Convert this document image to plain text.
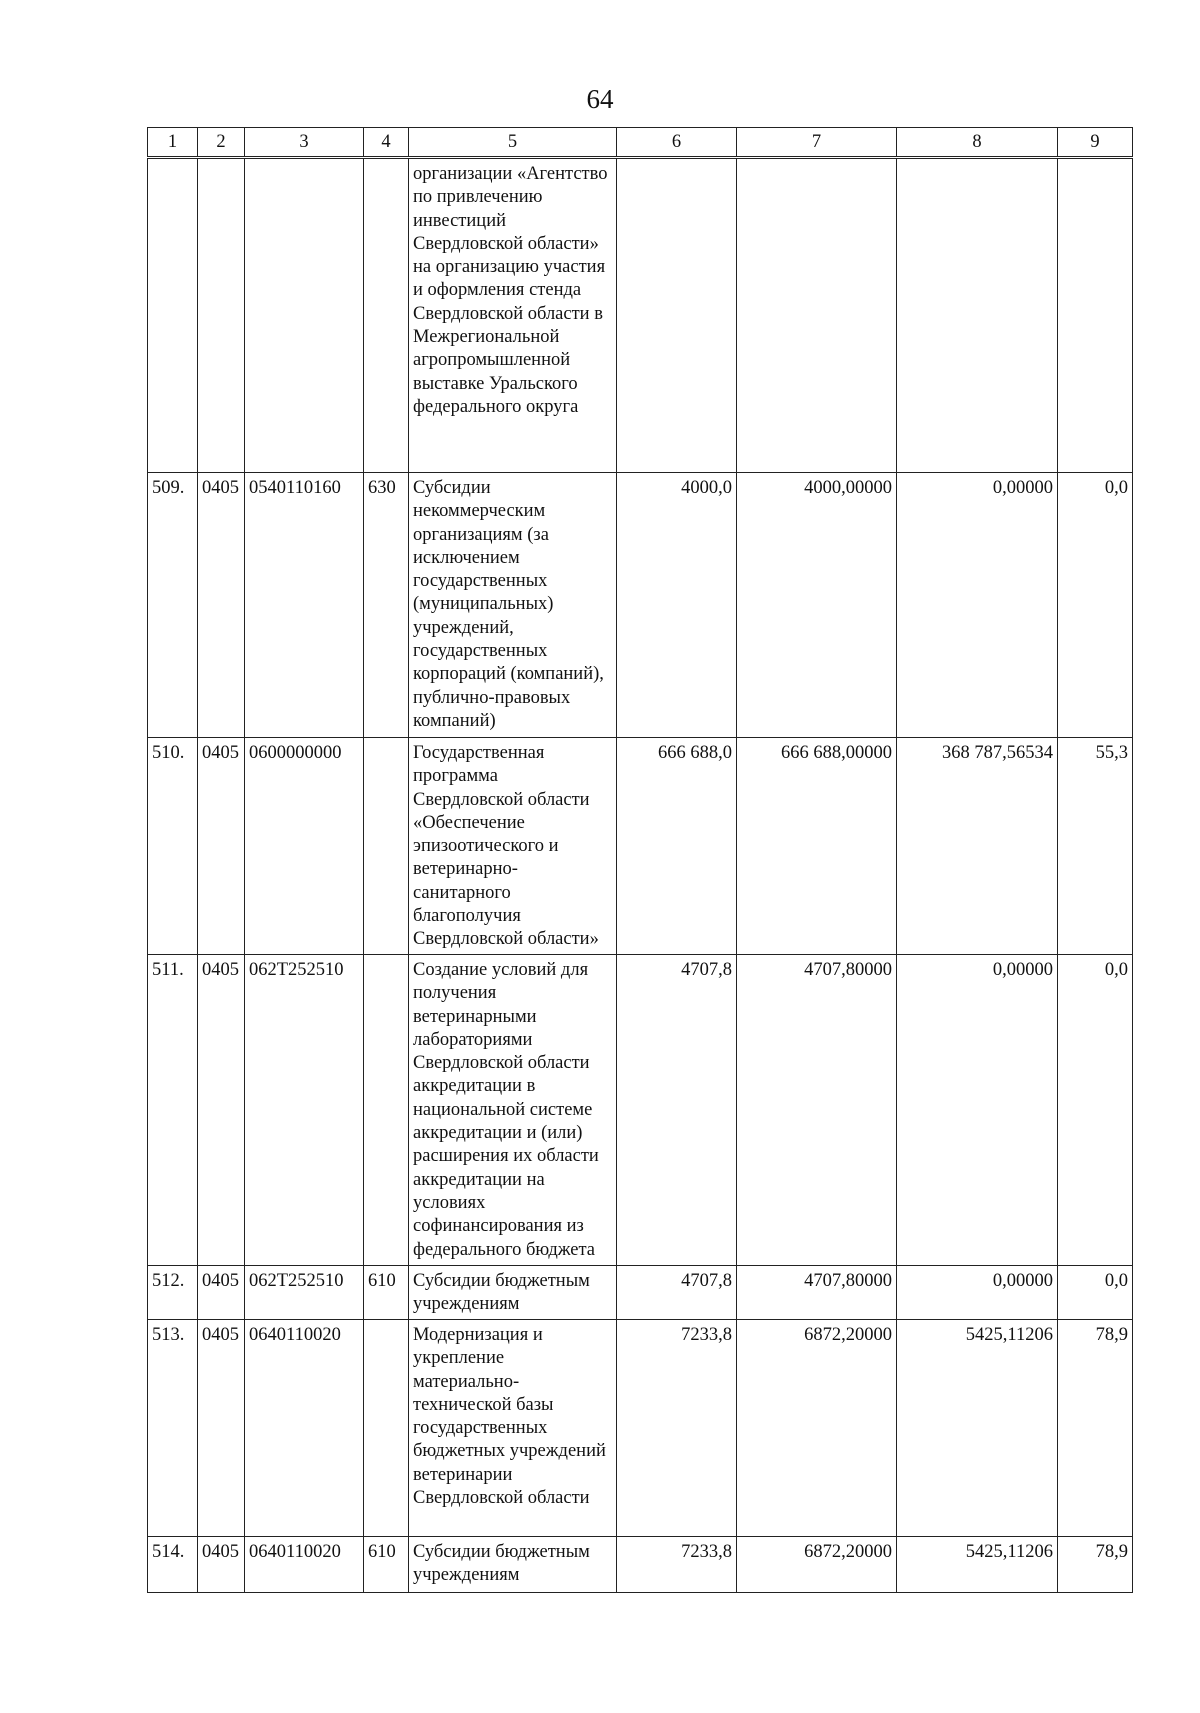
64
1	2	3	4	5	6	7	8	9
				организации «Агентство по привлечению инвестиций Свердловской области» на организацию участия и оформления стенда Свердловской области в Межрегиональной агропромышленной выставке Уральского федерального округа				
509.	0405	0540110160	630	Субсидии некоммерческим организациям (за исключением государственных (муниципальных) учреждений, государственных корпораций (компаний), публично-правовых компаний)	4000,0	4000,00000	0,00000	0,0
510.	0405	0600000000		Государственная программа Свердловской области «Обеспечение эпизоотического и ветеринарно-санитарного благополучия Свердловской области»	666 688,0	666 688,00000	368 787,56534	55,3
511.	0405	062Т252510		Создание условий для получения ветеринарными лабораториями Свердловской области аккредитации в национальной системе аккредитации и (или) расширения их области аккредитации на условиях софинансирования из федерального бюджета	4707,8	4707,80000	0,00000	0,0
512.	0405	062Т252510	610	Субсидии бюджетным учреждениям	4707,8	4707,80000	0,00000	0,0
513.	0405	0640110020		Модернизация и укрепление материально-технической базы государственных бюджетных учреждений ветеринарии Свердловской области	7233,8	6872,20000	5425,11206	78,9
514.	0405	0640110020	610	Субсидии бюджетным учреждениям	7233,8	6872,20000	5425,11206	78,9
